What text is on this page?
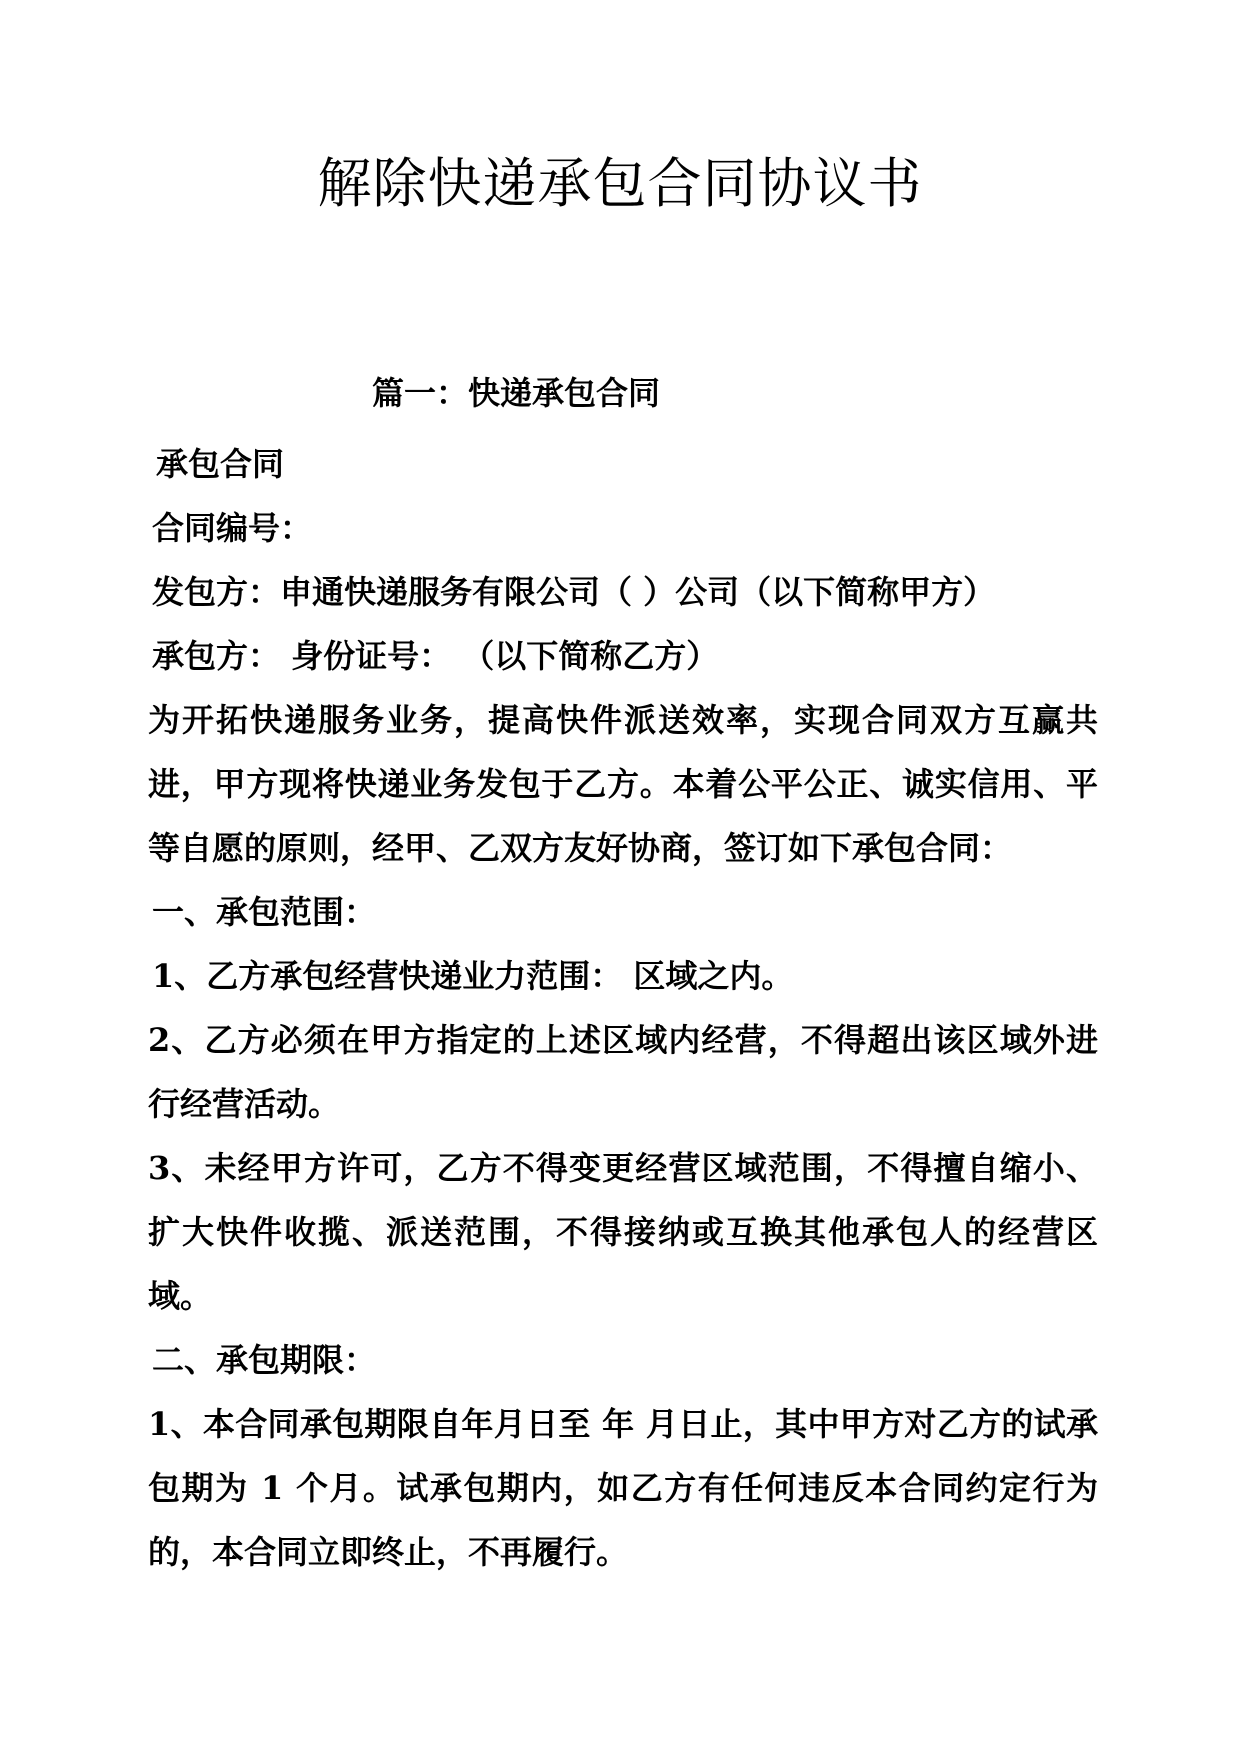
解除快递承包合同协议书
篇一：快递承包合同

承包合同

合同编号：

发包方：申通快递服务有限公司（ ）公司（以下简称甲方）

承包方： 身份证号： （以下简称乙方）

为开拓快递服务业务，提高快件派送效率，实现合同双方互赢共进，甲方现将快递业务发包于乙方。本着公平公正、诚实信用、平等自愿的原则，经甲、乙双方友好协商，签订如下承包合同：

一、承包范围：

1、乙方承包经营快递业力范围： 区域之内。

2、乙方必须在甲方指定的上述区域内经营，不得超出该区域外进行经营活动。

3、未经甲方许可，乙方不得变更经营区域范围，不得擅自缩小、扩大快件收揽、派送范围，不得接纳或互换其他承包人的经营区域。

二、承包期限：

1、本合同承包期限自年月日至 年 月日止，其中甲方对乙方的试承包期为 1 个月。试承包期内，如乙方有任何违反本合同约定行为的，本合同立即终止，不再履行。
